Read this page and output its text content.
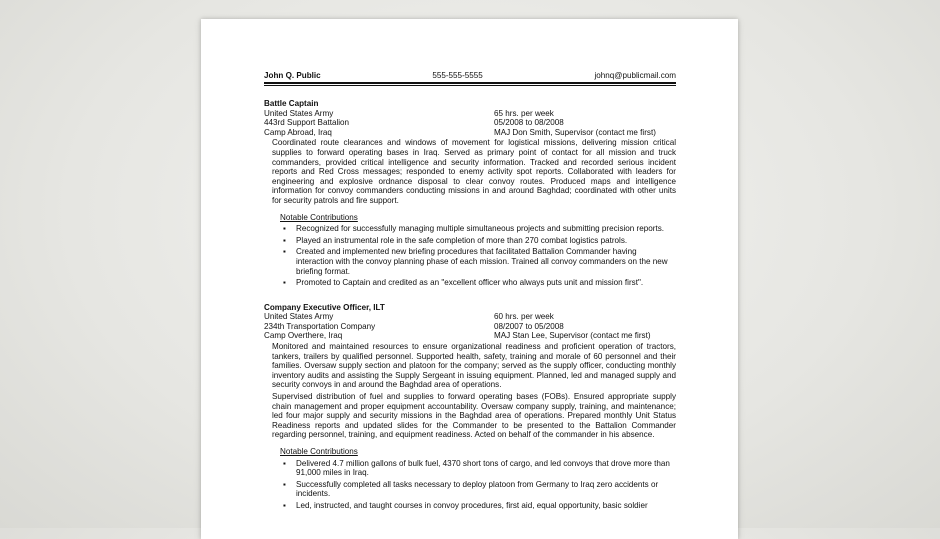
John Q. Public	555-555-5555	johnq@publicmail.com
Battle Captain
United States Army	65 hrs. per week
443rd Support Battalion	05/2008 to 08/2008
Camp Abroad, Iraq	MAJ Don Smith, Supervisor (contact me first)

Coordinated route clearances and windows of movement for logistical missions, delivering mission critical supplies to forward operating bases in Iraq. Served as primary point of contact for all mission and truck commanders, provided critical intelligence and security information. Tracked and recorded serious incident reports and Red Cross messages; responded to enemy activity spot reports. Collaborated with leaders for engineering and explosive ordnance disposal to clear convoy routes. Produced maps and intelligence information for convoy commanders conducting missions in and around Baghdad; coordinated with other units for security patrols and fire support.

Notable Contributions
▪ Recognized for successfully managing multiple simultaneous projects and submitting precision reports.
▪ Played an instrumental role in the safe completion of more than 270 combat logistics patrols.
▪ Created and implemented new briefing procedures that facilitated Battalion Commander having interaction with the convoy planning phase of each mission. Trained all convoy commanders on the new briefing format.
▪ Promoted to Captain and credited as an "excellent officer who always puts unit and mission first".
Company Executive Officer, ILT
United States Army	60 hrs. per week
234th Transportation Company	08/2007 to 05/2008
Camp Overthere, Iraq	MAJ Stan Lee, Supervisor (contact me first)

Monitored and maintained resources to ensure organizational readiness and proficient operation of tractors, tankers, trailers by qualified personnel. Supported health, safety, training and morale of 60 personnel and their families. Oversaw supply section and platoon for the company; served as the supply officer, conducting monthly inventory audits and assisting the Supply Sergeant in issuing equipment. Planned, led and managed supply and security convoys in and around the Baghdad area of operations.

Supervised distribution of fuel and supplies to forward operating bases (FOBs). Ensured appropriate supply chain management and proper equipment accountability. Oversaw company supply, training, and maintenance; led four major supply and security missions in the Baghdad area of operations. Prepared monthly Unit Status Readiness reports and updated slides for the Commander to be presented to the Battalion Commander regarding personnel, training, and equipment readiness. Acted on behalf of the commander in his absence.

Notable Contributions
▪ Delivered 4.7 million gallons of bulk fuel, 4370 short tons of cargo, and led convoys that drove more than 91,000 miles in Iraq.
▪ Successfully completed all tasks necessary to deploy platoon from Germany to Iraq zero accidents or incidents.
▪ Led, instructed, and taught courses in convoy procedures, first aid, equal opportunity, basic soldier
